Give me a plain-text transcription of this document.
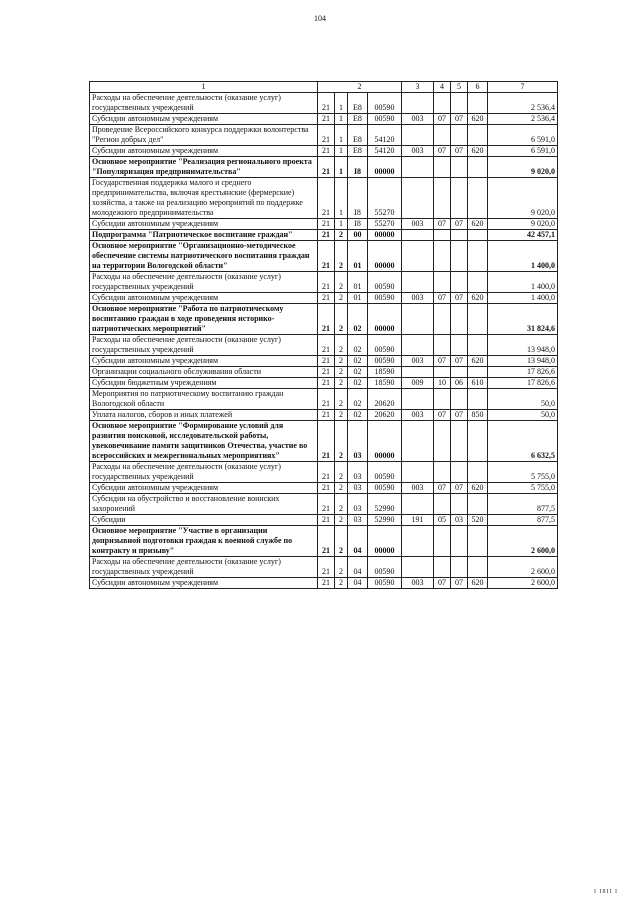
104
1	2				3	4	5	6	7
Расходы на обеспечение деятельности (оказание услуг) государственных учреждений	21	1	E8	00590					2 536,4
Субсидии автономным учреждениям	21	1	E8	00590	003	07	07	620	2 536,4
Проведение Всероссийского конкурса поддержки волонтерства "Регион добрых дел"	21	1	E8	54120					6 591,0
Субсидии автономным учреждениям	21	1	E8	54120	003	07	07	620	6 591,0
Основное мероприятие "Реализация регионального проекта "Популяризация предпринимательства"	21	1	I8	00000					9 020,0
Государственная поддержка малого и среднего предпринимательства, включая крестьянские (фермерские) хозяйства, а также на реализацию мероприятий по поддержке молодежного предпринимательства	21	1	I8	55270					9 020,0
Субсидии автономным учреждениям	21	1	I8	55270	003	07	07	620	9 020,0
Подпрограмма "Патриотическое воспитание граждан"	21	2	00	00000					42 457,1
Основное мероприятие "Организационно-методическое обеспечение системы патриотического воспитания граждан на территории Вологодской области"	21	2	01	00000					1 400,0
Расходы на обеспечение деятельности (оказание услуг) государственных учреждений	21	2	01	00590					1 400,0
Субсидии автономным учреждениям	21	2	01	00590	003	07	07	620	1 400,0
Основное мероприятие "Работа по патриотическому воспитанию граждан в ходе проведения историко-патриотических мероприятий"	21	2	02	00000					31 824,6
Расходы на обеспечение деятельности (оказание услуг) государственных учреждений	21	2	02	00590					13 948,0
Субсидии автономным учреждениям	21	2	02	00590	003	07	07	620	13 948,0
Организации социального обслуживания области	21	2	02	18590					17 826,6
Субсидии бюджетным учреждениям	21	2	02	18590	009	10	06	610	17 826,6
Мероприятия по патриотическому воспитанию граждан Вологодской области	21	2	02	20620					50,0
Уплата налогов, сборов и иных платежей	21	2	02	20620	003	07	07	850	50,0
Основное мероприятие "Формирование условий для развития поисковой, исследовательской работы, увековечивание памяти защитников Отечества, участие во всероссийских и межрегиональных мероприятиях"	21	2	03	00000					6 632,5
Расходы на обеспечение деятельности (оказание услуг) государственных учреждений	21	2	03	00590					5 755,0
Субсидии автономным учреждениям	21	2	03	00590	003	07	07	620	5 755,0
Субсидии на обустройство и восстановление воинских захоронений	21	2	03	52990					877,5
Субсидии	21	2	03	52990	191	05	03	520	877,5
Основное мероприятие "Участие в организации допризывной подготовки граждан к военной службе по контракту и призыву"	21	2	04	00000					2 600,0
Расходы на обеспечение деятельности (оказание услуг) государственных учреждений	21	2	04	00590					2 600,0
Субсидии автономным учреждениям	21	2	04	00590	003	07	07	620	2 600,0
I I8II I
